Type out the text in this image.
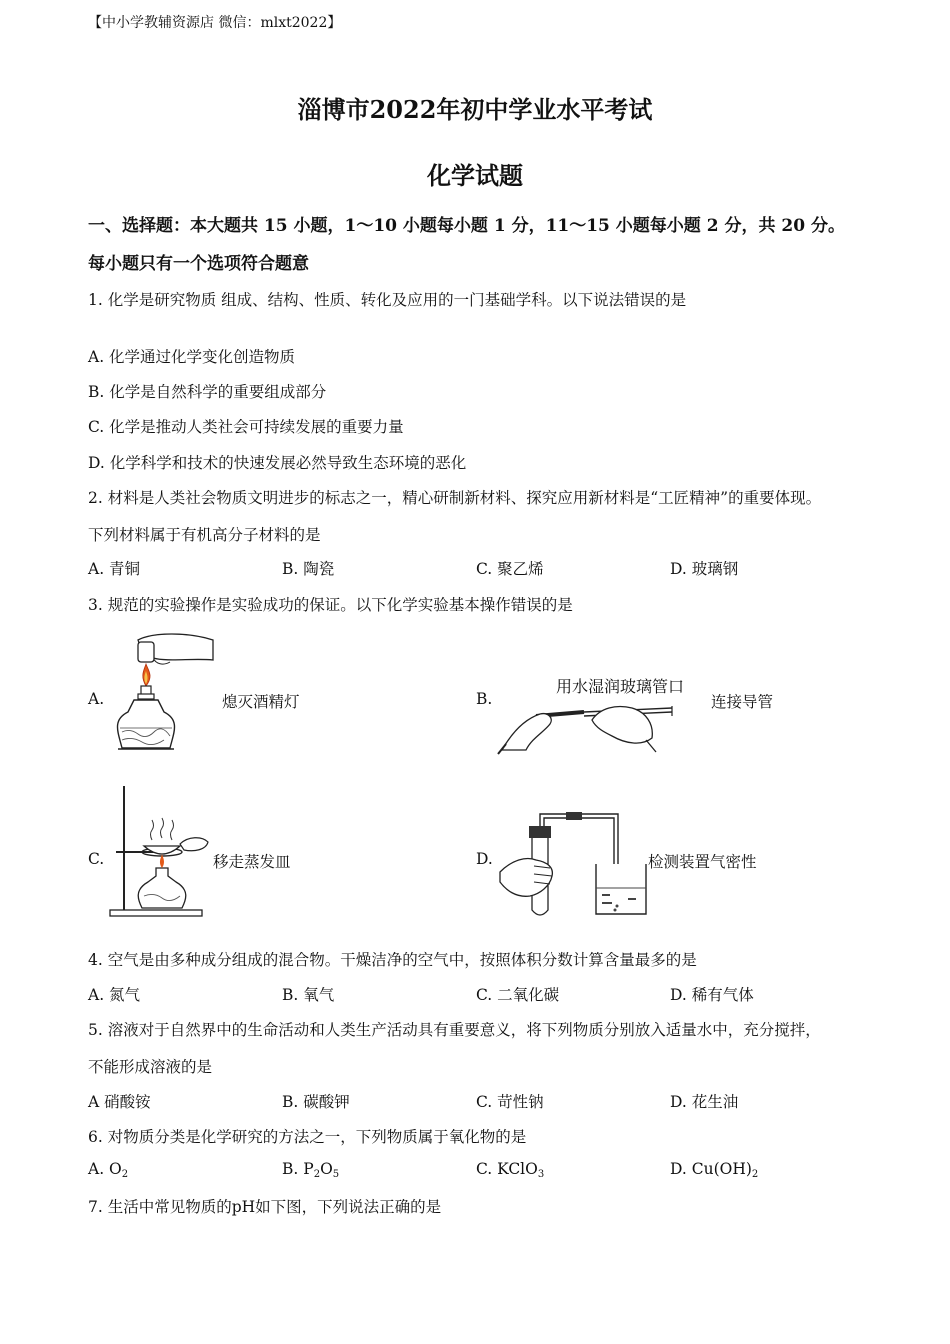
【中小学教辅资源店 微信：mlxt2022】
淄博市2022年初中学业水平考试
化学试题
一、选择题：本大题共 15 小题，1～10 小题每小题 1 分，11～15 小题每小题 2 分，共 20 分。
每小题只有一个选项符合题意
1. 化学是研究物质 组成、结构、性质、转化及应用的一门基础学科。以下说法错误的是
A. 化学通过化学变化创造物质
B. 化学是自然科学的重要组成部分
C. 化学是推动人类社会可持续发展的重要力量
D. 化学科学和技术的快速发展必然导致生态环境的恶化
2. 材料是人类社会物质文明进步的标志之一，精心研制新材料、探究应用新材料是“工匠精神”的重要体现。
下列材料属于有机高分子材料的是
A. 青铜	B. 陶瓷	C. 聚乙烯	D. 玻璃钢
3. 规范的实验操作是实验成功的保证。以下化学实验基本操作错误的是
A.	熄灭酒精灯	B.
用水湿润玻璃管口
连接导管
C.	移走蒸发皿	D.	检测装置气密性
4. 空气是由多种成分组成的混合物。干燥洁净的空气中，按照体积分数计算含量最多的是
A. 氮气	B. 氧气	C. 二氧化碳	D. 稀有气体
5. 溶液对于自然界中的生命活动和人类生产活动具有重要意义，将下列物质分别放入适量水中，充分搅拌，
不能形成溶液的是
A 硝酸铵	B. 碳酸钾	C. 苛性钠	D. 花生油
6. 对物质分类是化学研究的方法之一，下列物质属于氧化物的是
A. $O_2$	B. $P_2O_5$	C. KClO$_3$	D. $Cu(OH)_2$
7. 生活中常见物质的pH如下图，下列说法正确的是
